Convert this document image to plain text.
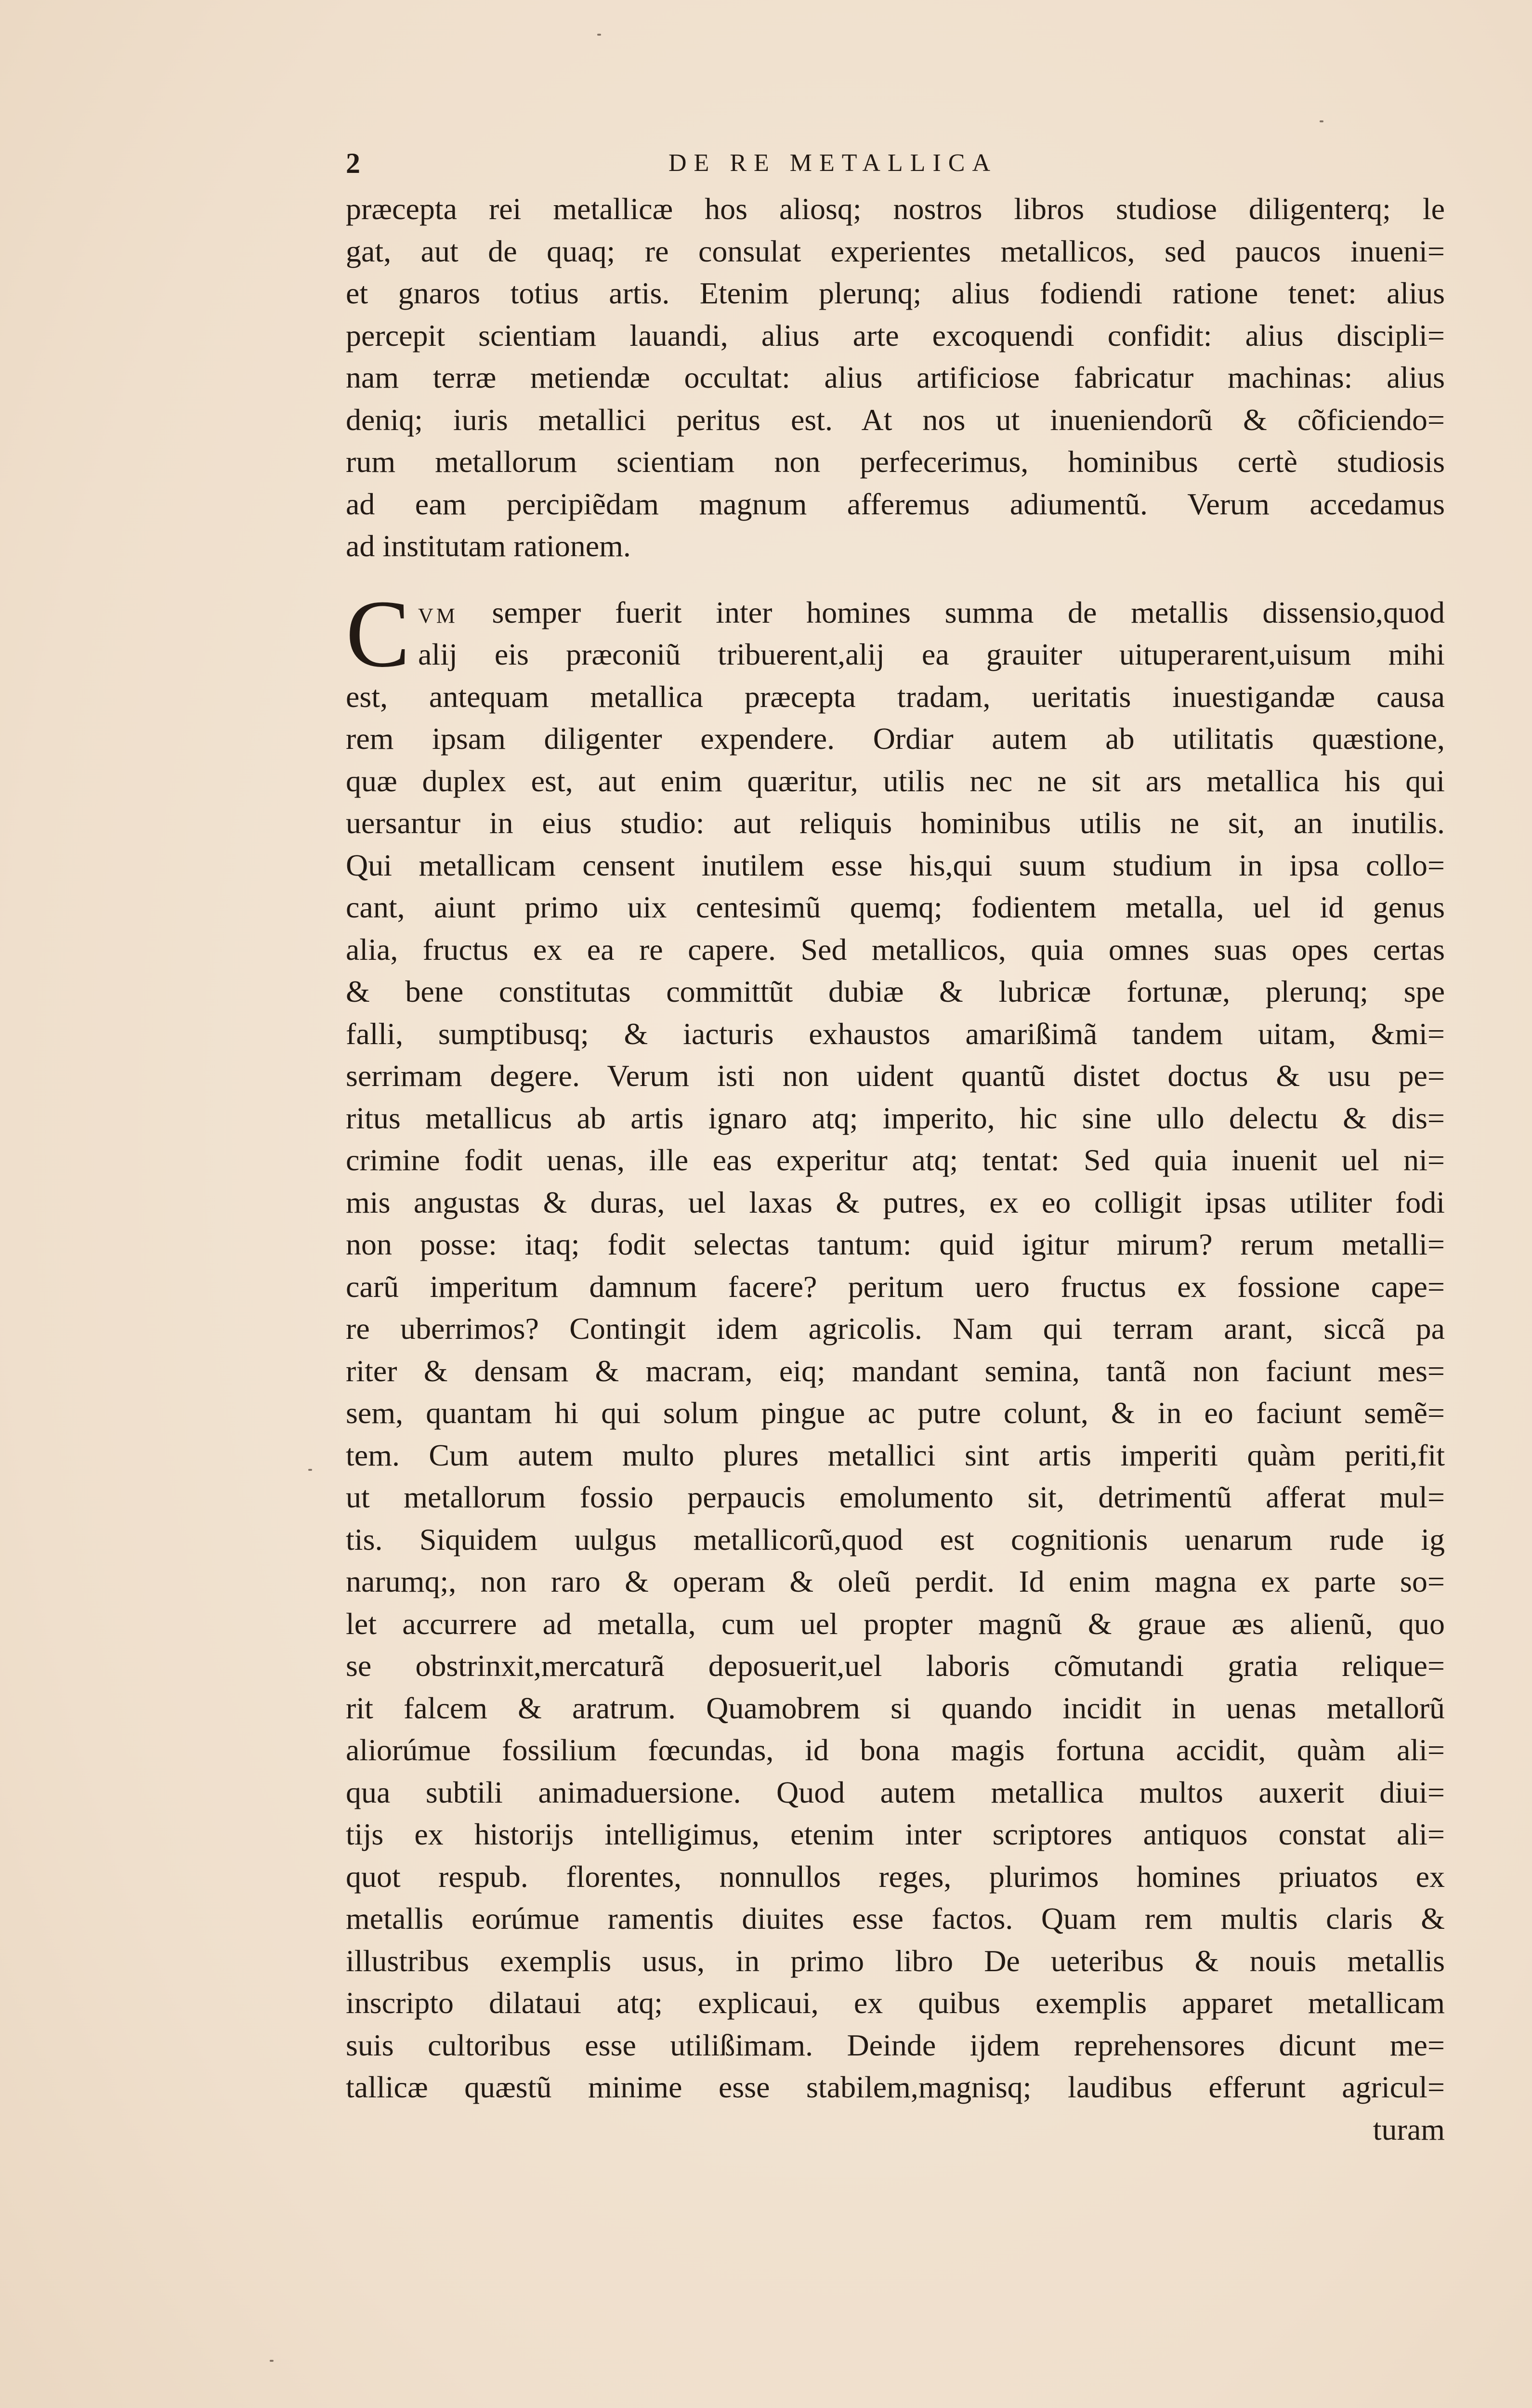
2	DE RE METALLICA
præcepta rei metallicæ hos aliosq; nostros libros studiose diligenterq; le
gat, aut de quaq; re consulat experientes metallicos, sed paucos inueni=
et gnaros totius artis. Etenim plerunq; alius fodiendi ratione tenet: alius
percepit scientiam lauandi, alius arte excoquendi confidit: alius discipli=
nam terræ metiendæ occultat: alius artificiose fabricatur machinas: alius
deniq; iuris metallici peritus est. At nos ut inueniendorũ & cõficiendo=
rum metallorum scientiam non perfecerimus, hominibus certè studiosis
ad eam percipiẽdam magnum afferemus adiumentũ. Verum accedamus
ad institutam rationem.
C VM semper fuerit inter homines summa de metallis dissensio,quod
aliј eis præconiũ tribuerent,aliј ea grauiter uituperarent,uisum mihi
est, antequam metallica præcepta tradam, ueritatis inuestigandæ causa
rem ipsam diligenter expendere. Ordiar autem ab utilitatis quæstione,
quæ duplex est, aut enim quæritur, utilis nec ne sit ars metallica his qui
uersantur in eius studio: aut reliquis hominibus utilis ne sit, an inutilis.
Qui metallicam censent inutilem esse his,qui suum studium in ipsa collo=
cant, aiunt primo uix centesimũ quemq; fodientem metalla, uel id genus
alia, fructus ex ea re capere. Sed metallicos, quia omnes suas opes certas
& bene constitutas committũt dubiæ & lubricæ fortunæ, plerunq; spe
falli, sumptibusq; & iacturis exhaustos amarißimã tandem uitam, &mi=
serrimam degere. Verum isti non uident quantũ distet doctus & usu pe=
ritus metallicus ab artis ignaro atq; imperito, hic sine ullo delectu & dis=
crimine fodit uenas, ille eas experitur atq; tentat: Sed quia inuenit uel ni=
mis angustas & duras, uel laxas & putres, ex eo colligit ipsas utiliter fodi
non posse: itaq; fodit selectas tantum: quid igitur mirum? rerum metalli=
carũ imperitum damnum facere? peritum uero fructus ex fossione cape=
re uberrimos? Contingit idem agricolis. Nam qui terram arant, siccã pa
riter & densam & macram, eiq; mandant semina, tantã non faciunt mes=
sem, quantam hi qui solum pingue ac putre colunt, & in eo faciunt semẽ=
tem. Cum autem multo plures metallici sint artis imperiti quàm periti,fit
ut metallorum fossio perpaucis emolumento sit, detrimentũ afferat mul=
tis. Siquidem uulgus metallicorũ,quod est cognitionis uenarum rude ig
narumq;, non raro & operam & oleũ perdit. Id enim magna ex parte so=
let accurrere ad metalla, cum uel propter magnũ & graue æs alienũ, quo
se obstrinxit,mercaturã deposuerit,uel laboris cõmutandi gratia relique=
rit falcem & aratrum. Quamobrem si quando incidit in uenas metallorũ
aliorúmue fossilium fœcundas, id bona magis fortuna accidit, quàm ali=
qua subtili animaduersione. Quod autem metallica multos auxerit diui=
tiјs ex historiјs intelligimus, etenim inter scriptores antiquos constat ali=
quot respub. florentes, nonnullos reges, plurimos homines priuatos ex
metallis eorúmue ramentis diuites esse factos. Quam rem multis claris &
illustribus exemplis usus, in primo libro De ueteribus & nouis metallis
inscripto dilataui atq; explicaui, ex quibus exemplis apparet metallicam
suis cultoribus esse utilißimam. Deinde iјdem reprehensores dicunt me=
tallicæ quæstũ minime esse stabilem,magnisq; laudibus efferunt agricul=
turam
